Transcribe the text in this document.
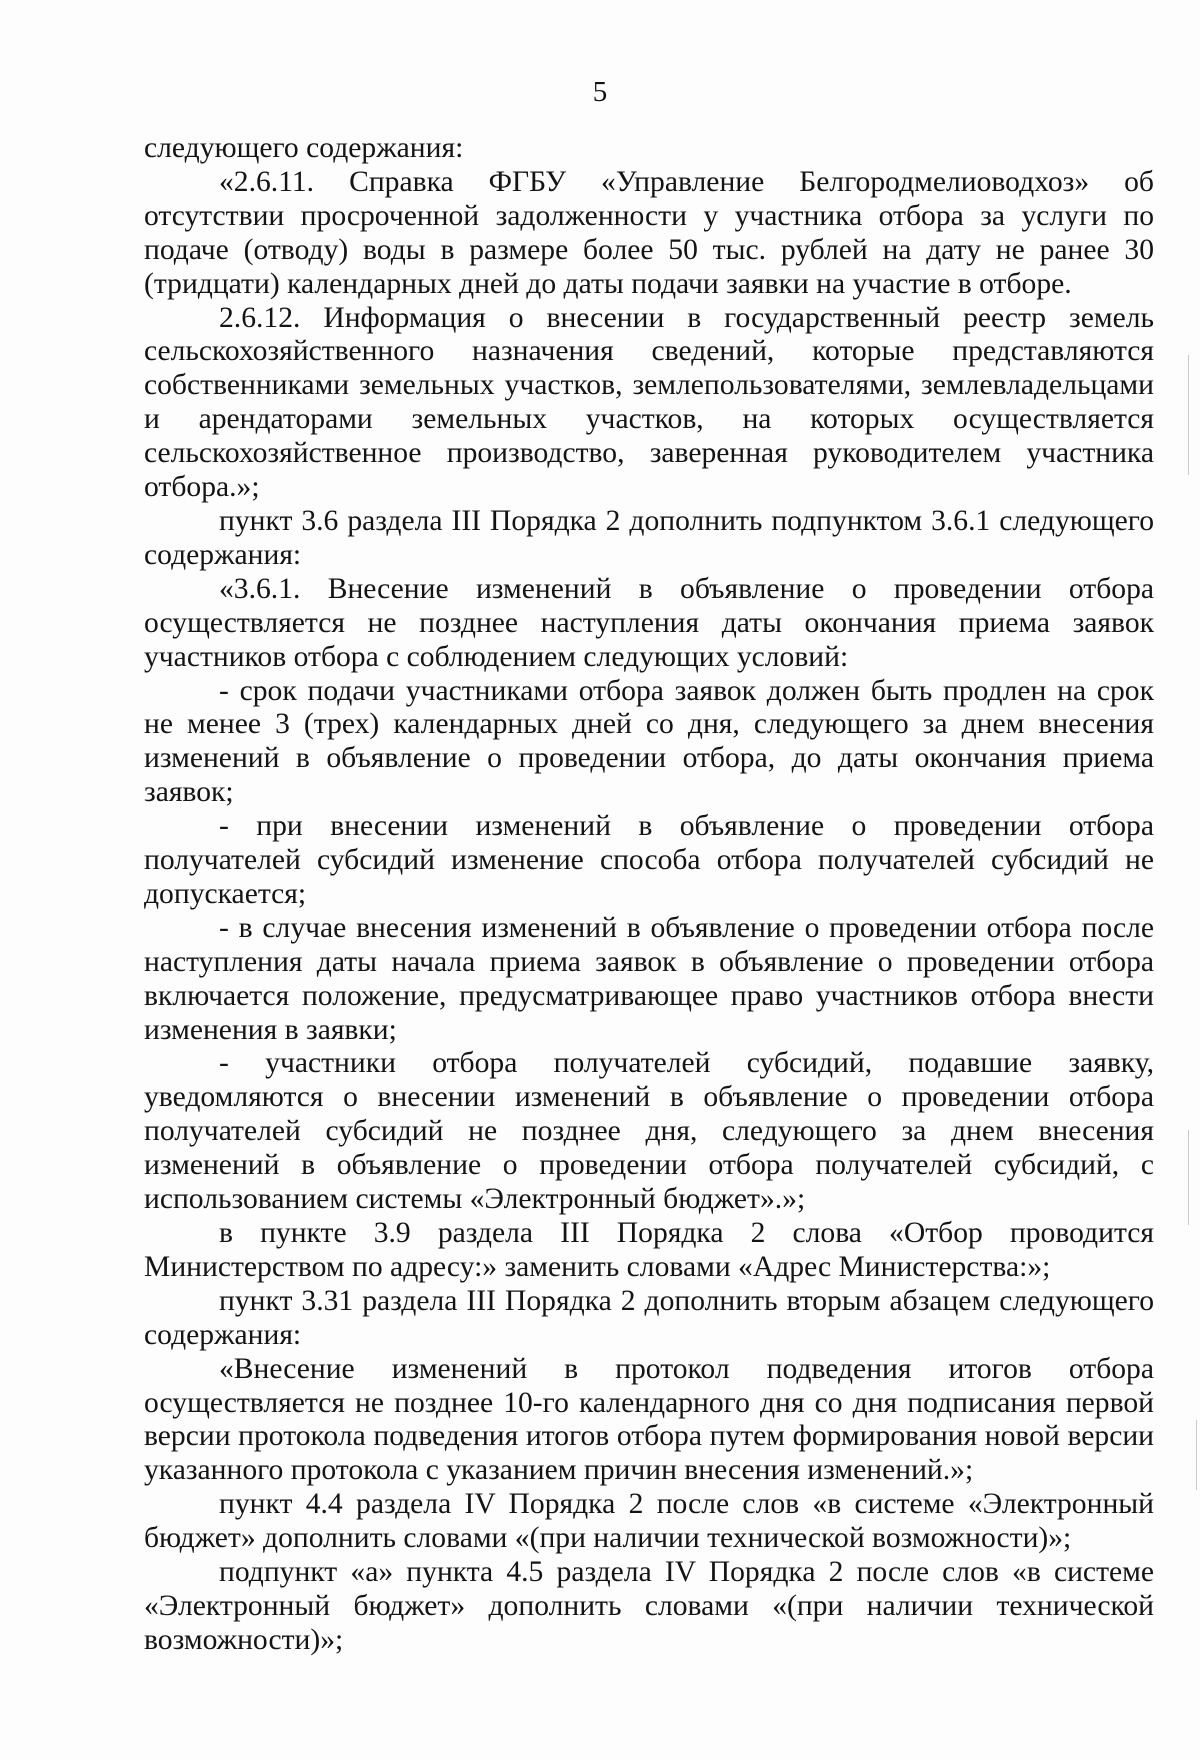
5

следующего содержания:

«2.6.11. Справка ФГБУ «Управление Белгородмелиоводхоз» об отсутствии просроченной задолженности у участника отбора за услуги по подаче (отводу) воды в размере более 50 тыс. рублей на дату не ранее 30 (тридцати) календарных дней до даты подачи заявки на участие в отборе.

2.6.12. Информация о внесении в государственный реестр земель сельскохозяйственного назначения сведений, которые представляются собственниками земельных участков, землепользователями, землевладельцами и арендаторами земельных участков, на которых осуществляется сельскохозяйственное производство, заверенная руководителем участника отбора.»;

пункт 3.6 раздела III Порядка 2 дополнить подпунктом 3.6.1 следующего содержания:

«3.6.1. Внесение изменений в объявление о проведении отбора осуществляется не позднее наступления даты окончания приема заявок участников отбора с соблюдением следующих условий:

- срок подачи участниками отбора заявок должен быть продлен на срок не менее 3 (трех) календарных дней со дня, следующего за днем внесения изменений в объявление о проведении отбора, до даты окончания приема заявок;

- при внесении изменений в объявление о проведении отбора получателей субсидий изменение способа отбора получателей субсидий не допускается;

- в случае внесения изменений в объявление о проведении отбора после наступления даты начала приема заявок в объявление о проведении отбора включается положение, предусматривающее право участников отбора внести изменения в заявки;

- участники отбора получателей субсидий, подавшие заявку, уведомляются о внесении изменений в объявление о проведении отбора получателей субсидий не позднее дня, следующего за днем внесения изменений в объявление о проведении отбора получателей субсидий, с использованием системы «Электронный бюджет».»;

в пункте 3.9 раздела III Порядка 2 слова «Отбор проводится Министерством по адресу:» заменить словами «Адрес Министерства:»;

пункт 3.31 раздела III Порядка 2 дополнить вторым абзацем следующего содержания:

«Внесение изменений в протокол подведения итогов отбора осуществляется не позднее 10-го календарного дня со дня подписания первой версии протокола подведения итогов отбора путем формирования новой версии указанного протокола с указанием причин внесения изменений.»;

пункт 4.4 раздела IV Порядка 2 после слов «в системе «Электронный бюджет» дополнить словами «(при наличии технической возможности)»;

подпункт «а» пункта 4.5 раздела IV Порядка 2 после слов «в системе «Электронный бюджет» дополнить словами «(при наличии технической возможности)»;
